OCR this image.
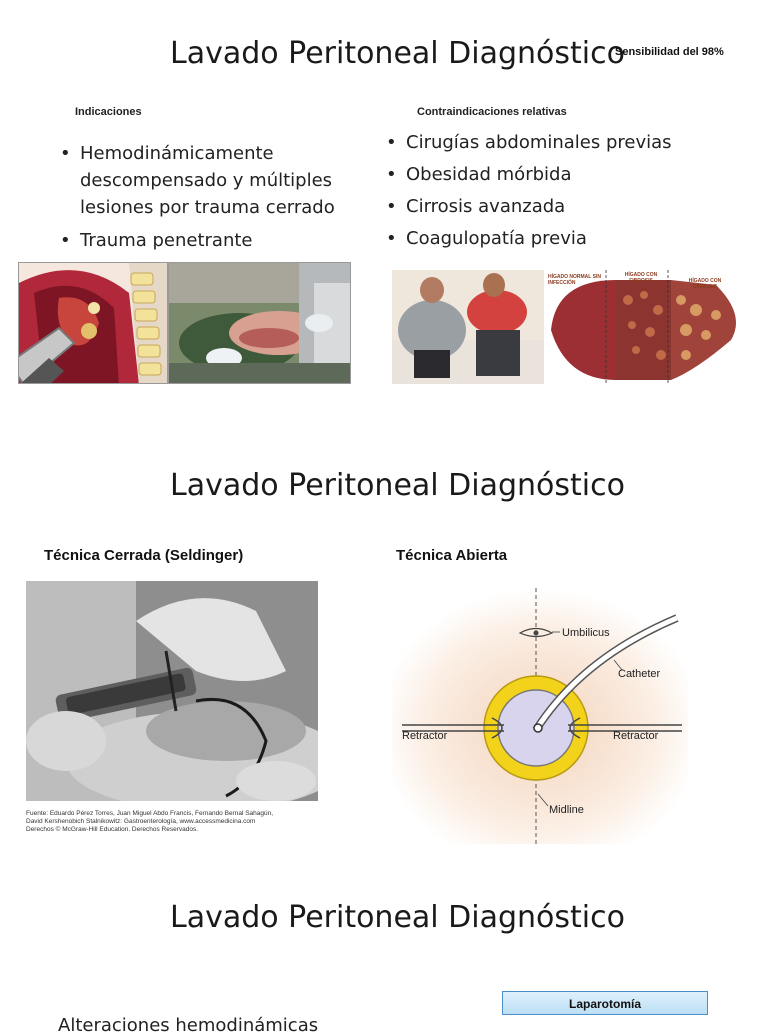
Lavado Peritoneal Diagnóstico
Sensibilidad del 98%
Indicaciones
• Hemodinámicamente descompensado y múltiples lesiones por trauma cerrado
• Trauma penetrante
Contraindicaciones relativas
• Cirugías abdominales previas
• Obesidad mórbida
• Cirrosis avanzada
• Coagulopatía previa
HÍGADO NORMAL SIN INFECCIÓN
HÍGADO CON FIBROSIS	HÍGADO CON CIRROSIS
Lavado Peritoneal Diagnóstico
Técnica Cerrada (Seldinger)	Técnica Abierta
Fuente: Eduardo Pérez Torres, Juan Miguel Abdo Francis, Fernando Bernal Sahagún,
David Kershenobich Stalnikowitz: Gastroenterología, www.accessmedicina.com
Derechos © McGraw-Hill Education. Derechos Reservados.
Umbilicus
Catheter
Retractor	Retractor
Midline
Lavado Peritoneal Diagnóstico
Laparotomía
Alteraciones hemodinámicas
